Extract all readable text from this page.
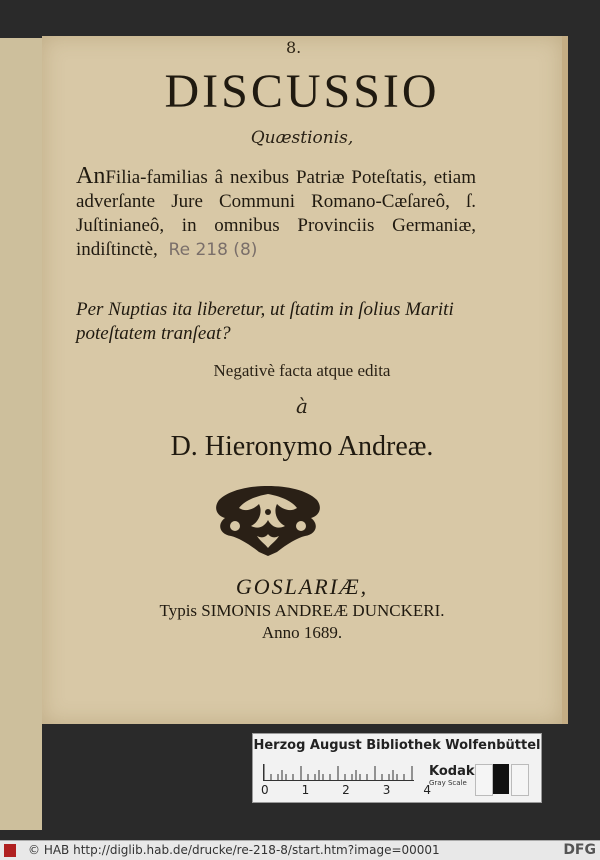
8.
DISCUSSIO
Quæstionis,
AnFilia-familias â nexibus Patriæ Poteſtatis, etiam adverſante Jure Communi Romano-Cæſareô, ſ. Juſtinianeô, in omnibus Provinciis Germaniæ, indiſtinctè, Re 218 (8)
Per Nuptias ita liberetur, ut ſtatim in ſolius Mariti poteſtatem tranſeat?
Negativè facta atque edita
à
D. Hieronymo Andreæ.
GOSLARIÆ,
Typis SIMONIS ANDREÆ DUNCKERI.
Anno 1689.
Herzog August Bibliothek Wolfenbüttel
0	1	2	3	4
Kodak
Gray Scale
© HAB http://diglib.hab.de/drucke/re-218-8/start.htm?image=00001	DFG
